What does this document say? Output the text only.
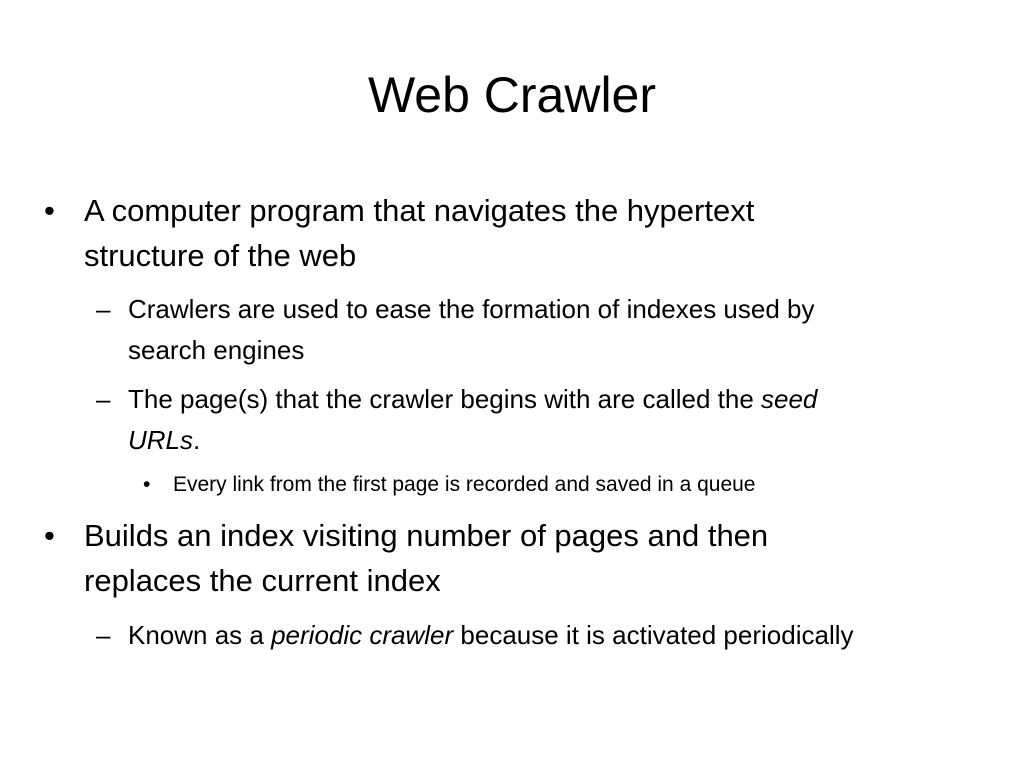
Web Crawler
• A computer program that navigates the hypertext
structure of the web
– Crawlers are used to ease the formation of indexes used by
search engines
– The page(s) that the crawler begins with are called the seed
URLs.
•	Every link from the first page is recorded and saved in a queue
• Builds an index visiting number of pages and then
replaces the current index
– Known as a periodic crawler because it is activated periodically
